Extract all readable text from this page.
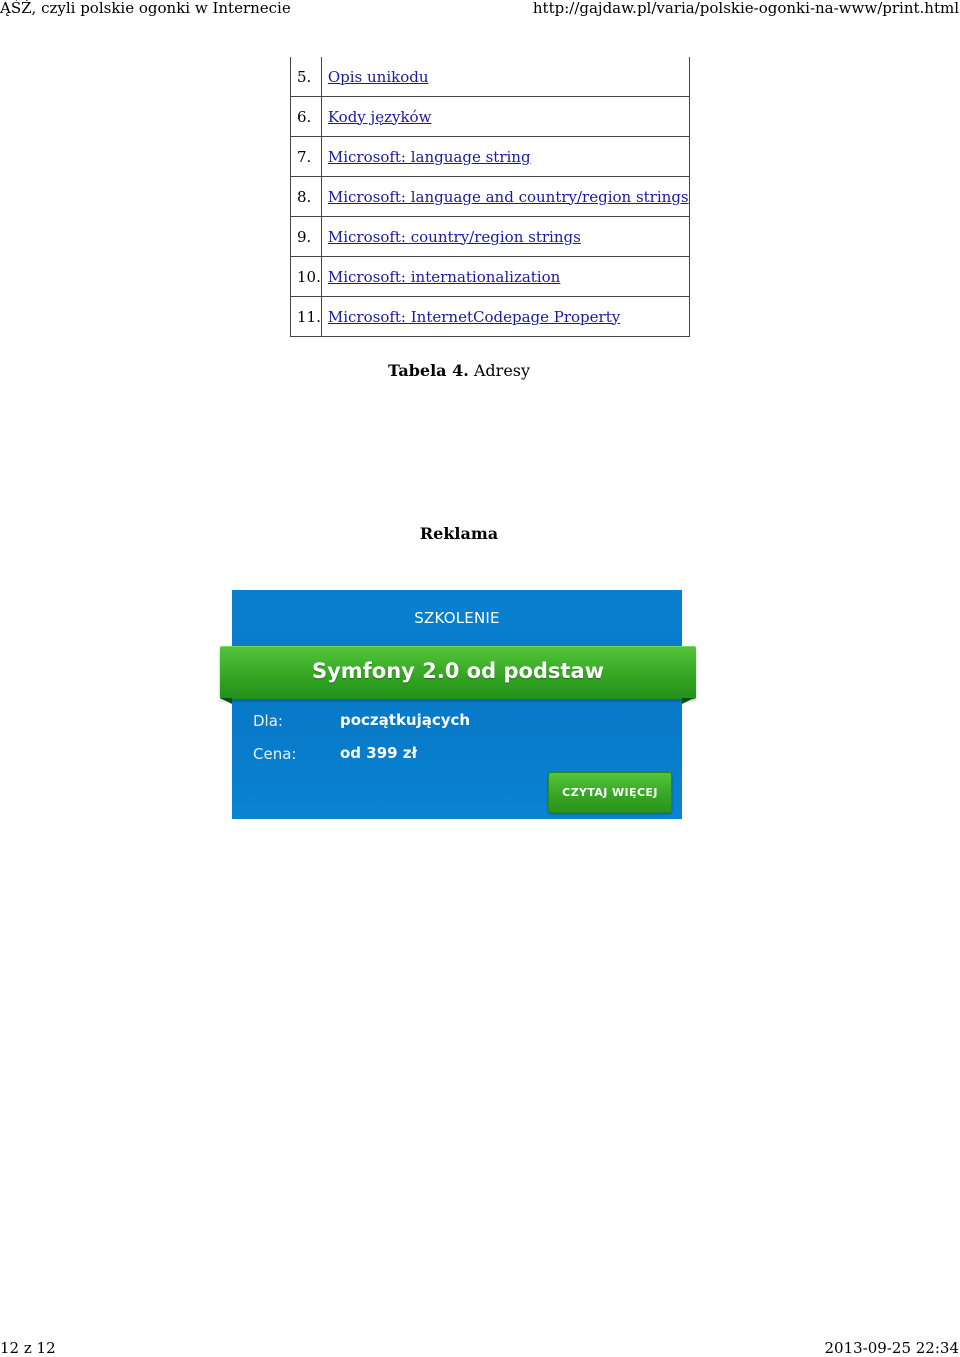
ĄŚŹ, czyli polskie ogonki w Internecie	http://gajdaw.pl/varia/polskie-ogonki-na-www/print.html
5.	Opis unikodu
6.	Kody języków
7.	Microsoft: language string
8.	Microsoft: language and country/region strings
9.	Microsoft: country/region strings
10.	Microsoft: internationalization
11.	Microsoft: InternetCodepage Property
Tabela 4. Adresy
Reklama
SZKOLENIE
Symfony 2.0 od podstaw
Dla:	początkujących
Cena:	od 399 zł
CZYTAJ WIĘCEJ
12 z 12	2013-09-25 22:34
